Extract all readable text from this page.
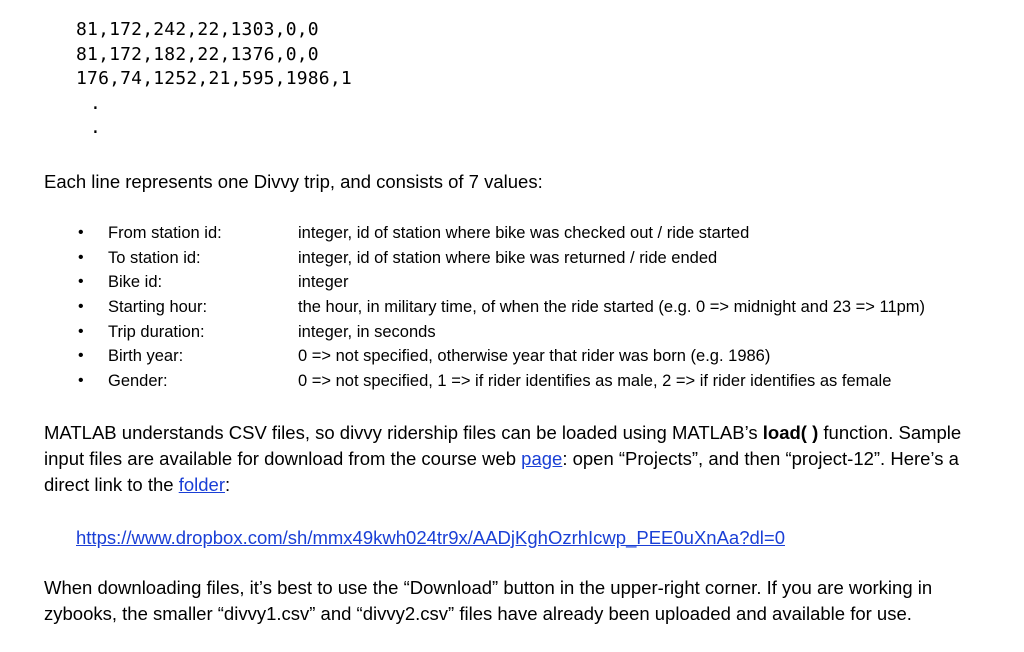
81,172,242,22,1303,0,0
81,172,182,22,1376,0,0
176,74,1252,21,595,1986,1
.
.
Each line represents one Divvy trip, and consists of 7 values:
• From station id:	integer, id of station where bike was checked out / ride started
• To station id:	integer, id of station where bike was returned / ride ended
• Bike id:	integer
• Starting hour:	the hour, in military time, of when the ride started (e.g. 0 => midnight and 23 => 11pm)
• Trip duration:	integer, in seconds
• Birth year:	0 => not specified, otherwise year that rider was born (e.g. 1986)
• Gender:	0 => not specified, 1 => if rider identifies as male, 2 => if rider identifies as female

MATLAB understands CSV files, so divvy ridership files can be loaded using MATLAB’s load( ) function. Sample input files are available for download from the course web page: open “Projects”, and then “project-12”. Here’s a direct link to the folder:

https://www.dropbox.com/sh/mmx49kwh024tr9x/AADjKghOzrhIcwp_PEE0uXnAa?dl=0

When downloading files, it’s best to use the “Download” button in the upper-right corner. If you are working in zybooks, the smaller “divvy1.csv” and “divvy2.csv” files have already been uploaded and available for use.
